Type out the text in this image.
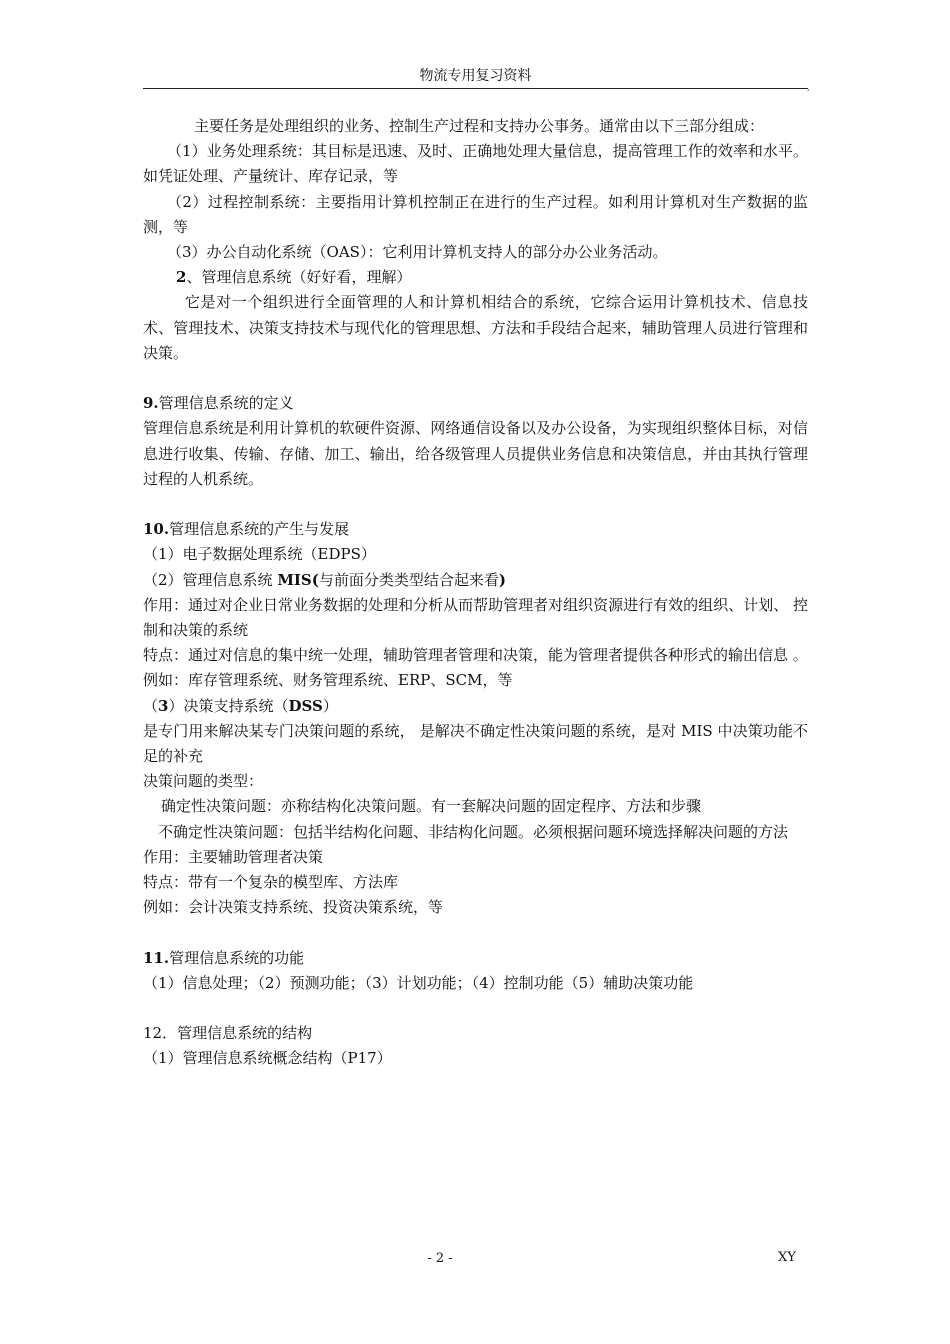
物流专用复习资料
,

主要任务是处理组织的业务、控制生产过程和支持办公事务。通常由以下三部分组成：

（1）业务处理系统：其目标是迅速、及时、正确地处理大量信息，提高管理工作的效率和水平。如凭证处理、产量统计、库存记录，等

（2）过程控制系统：主要指用计算机控制正在进行的生产过程。如利用计算机对生产数据的监测，等

（3）办公自动化系统（OAS）：它利用计算机支持人的部分办公业务活动。

2、管理信息系统（好好看，理解）

它是对一个组织进行全面管理的人和计算机相结合的系统，它综合运用计算机技术、信息技术、管理技术、决策支持技术与现代化的管理思想、方法和手段结合起来，辅助管理人员进行管理和决策。

9.管理信息系统的定义

管理信息系统是利用计算机的软硬件资源、网络通信设备以及办公设备，为实现组织整体目标，对信息进行收集、传输、存储、加工、输出，给各级管理人员提供业务信息和决策信息，并由其执行管理过程的人机系统。

10.管理信息系统的产生与发展

（1）电子数据处理系统（EDPS）

（2）管理信息系统 MIS(与前面分类类型结合起来看)

作用：通过对企业日常业务数据的处理和分析从而帮助管理者对组织资源进行有效的组织、计划、 控制和决策的系统

特点：通过对信息的集中统一处理，辅助管理者管理和决策，能为管理者提供各种形式的输出信息 。

例如：库存管理系统、财务管理系统、ERP、SCM，等

（3）决策支持系统（DSS）

是专门用来解决某专门决策问题的系统， 是解决不确定性决策问题的系统，是对 MIS 中决策功能不足的补充

决策问题的类型：

确定性决策问题：亦称结构化决策问题。有一套解决问题的固定程序、方法和步骤

不确定性决策问题：包括半结构化问题、非结构化问题。必须根据问题环境选择解决问题的方法

作用：主要辅助管理者决策

特点：带有一个复杂的模型库、方法库

例如：会计决策支持系统、投资决策系统，等

11.管理信息系统的功能

（1）信息处理；（2）预测功能；（3）计划功能；（4）控制功能（5）辅助决策功能

12．管理信息系统的结构

（1）管理信息系统概念结构（P17）

- 2 -	XY
